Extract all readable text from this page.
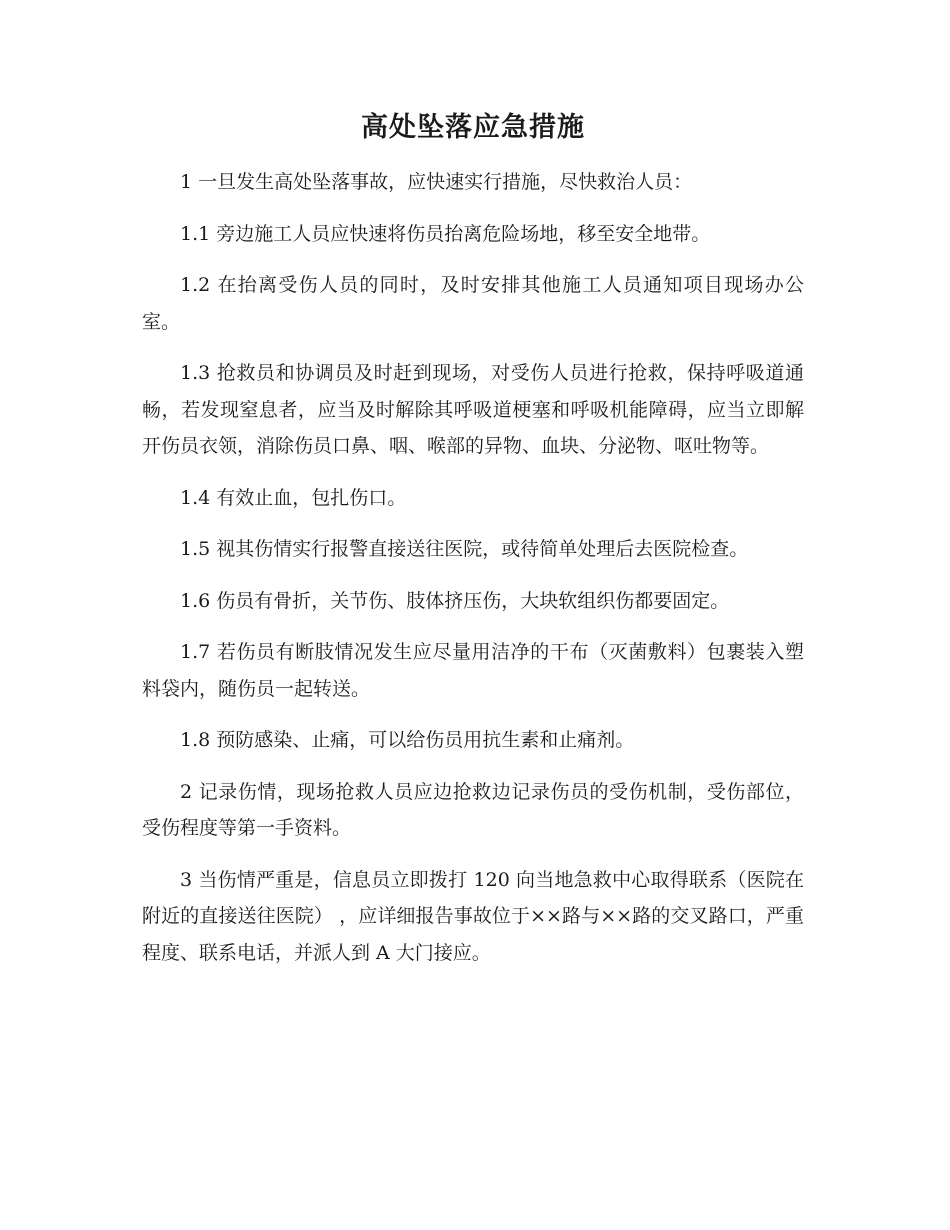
高处坠落应急措施

1 一旦发生高处坠落事故，应快速实行措施，尽快救治人员：

1.1 旁边施工人员应快速将伤员抬离危险场地，移至安全地带。

1.2 在抬离受伤人员的同时，及时安排其他施工人员通知项目现场办公室。

1.3 抢救员和协调员及时赶到现场，对受伤人员进行抢救，保持呼吸道通畅，若发现窒息者，应当及时解除其呼吸道梗塞和呼吸机能障碍，应当立即解开伤员衣领，消除伤员口鼻、咽、喉部的异物、血块、分泌物、呕吐物等。

1.4 有效止血，包扎伤口。

1.5 视其伤情实行报警直接送往医院，或待简单处理后去医院检查。

1.6 伤员有骨折，关节伤、肢体挤压伤，大块软组织伤都要固定。

1.7 若伤员有断肢情况发生应尽量用洁净的干布（灭菌敷料）包裹装入塑料袋内，随伤员一起转送。

1.8 预防感染、止痛，可以给伤员用抗生素和止痛剂。

2 记录伤情，现场抢救人员应边抢救边记录伤员的受伤机制，受伤部位，受伤程度等第一手资料。

3 当伤情严重是，信息员立即拨打 120 向当地急救中心取得联系（医院在附近的直接送往医院） ，应详细报告事故位于××路与××路的交叉路口，严重程度、联系电话，并派人到 A 大门接应。
